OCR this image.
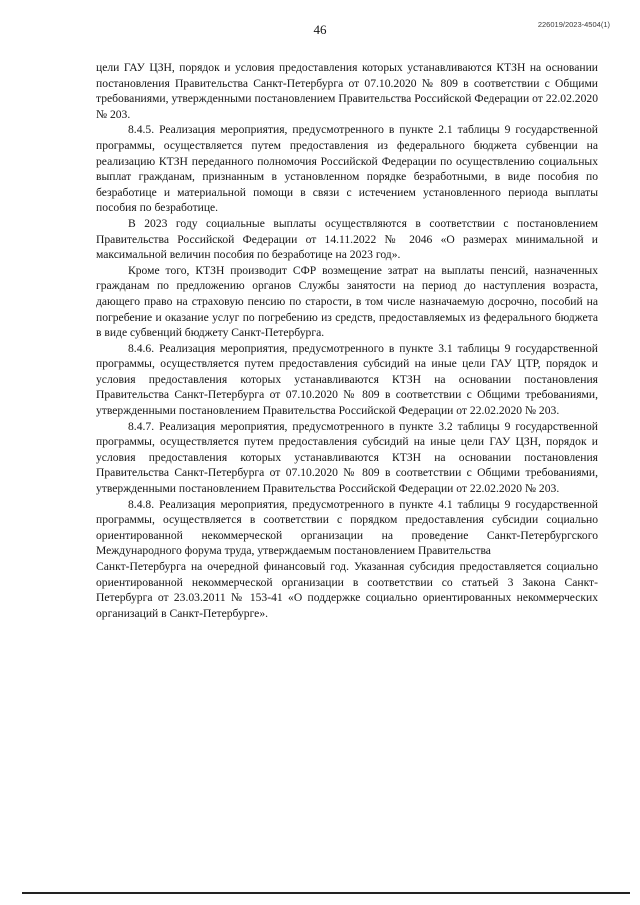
46	226019/2023-4504(1)

цели ГАУ ЦЗН, порядок и условия предоставления которых устанавливаются КТЗН на основании постановления Правительства Санкт-Петербурга от 07.10.2020 № 809 в соответствии с Общими требованиями, утвержденными постановлением Правительства Российской Федерации от 22.02.2020 № 203.

8.4.5. Реализация мероприятия, предусмотренного в пункте 2.1 таблицы 9 государственной программы, осуществляется путем предоставления из федерального бюджета субвенции на реализацию КТЗН переданного полномочия Российской Федерации по осуществлению социальных выплат гражданам, признанным в установленном порядке безработными, в виде пособия по безработице и материальной помощи в связи с истечением установленного периода выплаты пособия по безработице.

В 2023 году социальные выплаты осуществляются в соответствии с постановлением Правительства Российской Федерации от 14.11.2022 № 2046 «О размерах минимальной и максимальной величин пособия по безработице на 2023 год».

Кроме того, КТЗН производит СФР возмещение затрат на выплаты пенсий, назначенных гражданам по предложению органов Службы занятости на период до наступления возраста, дающего право на страховую пенсию по старости, в том числе назначаемую досрочно, пособий на погребение и оказание услуг по погребению из средств, предоставляемых из федерального бюджета в виде субвенций бюджету Санкт-Петербурга.

8.4.6. Реализация мероприятия, предусмотренного в пункте 3.1 таблицы 9 государственной программы, осуществляется путем предоставления субсидий на иные цели ГАУ ЦТР, порядок и условия предоставления которых устанавливаются КТЗН на основании постановления Правительства Санкт-Петербурга от 07.10.2020 № 809 в соответствии с Общими требованиями, утвержденными постановлением Правительства Российской Федерации от 22.02.2020 № 203.

8.4.7. Реализация мероприятия, предусмотренного в пункте 3.2 таблицы 9 государственной программы, осуществляется путем предоставления субсидий на иные цели ГАУ ЦЗН, порядок и условия предоставления которых устанавливаются КТЗН на основании постановления Правительства Санкт-Петербурга от 07.10.2020 № 809 в соответствии с Общими требованиями, утвержденными постановлением Правительства Российской Федерации от 22.02.2020 № 203.

8.4.8. Реализация мероприятия, предусмотренного в пункте 4.1 таблицы 9 государственной программы, осуществляется в соответствии с порядком предоставления субсидии социально ориентированной некоммерческой организации на проведение Санкт-Петербургского Международного форума труда, утверждаемым постановлением Правительства

Санкт-Петербурга на очередной финансовый год. Указанная субсидия предоставляется социально ориентированной некоммерческой организации в соответствии со статьей 3 Закона Санкт-Петербурга от 23.03.2011 № 153-41 «О поддержке социально ориентированных некоммерческих организаций в Санкт-Петербурге».
